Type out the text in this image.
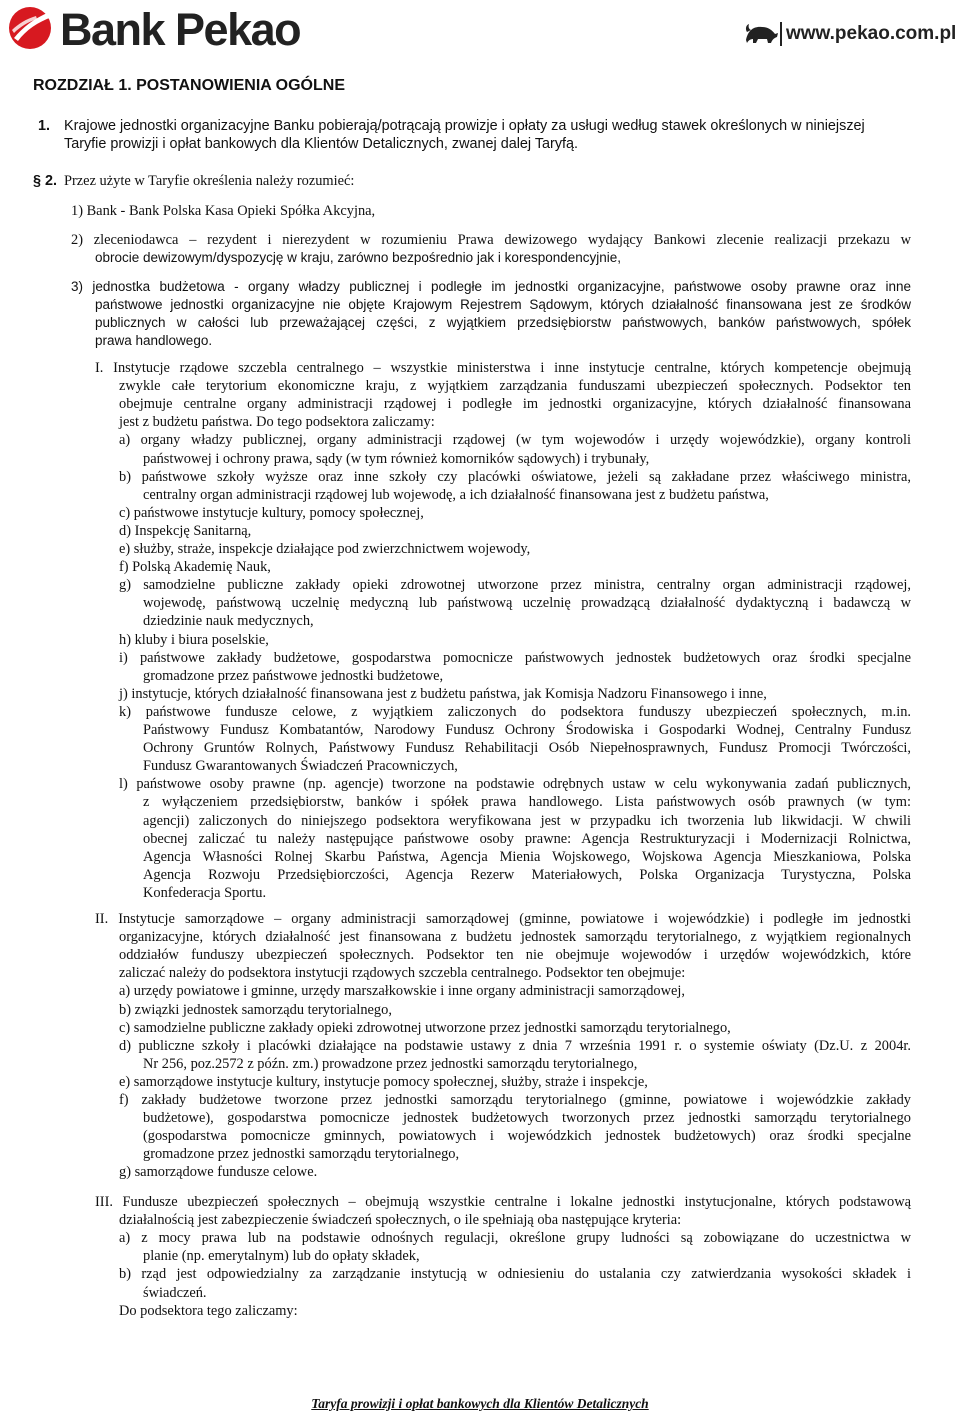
Bank Pekao	www.pekao.com.pl
ROZDZIAŁ 1. POSTANOWIENIA OGÓLNE
1. Krajowe jednostki organizacyjne Banku pobierają/potrącają prowizje i opłaty za usługi według stawek określonych w niniejszej
Taryfie prowizji i opłat bankowych dla Klientów Detalicznych, zwanej dalej Taryfą.
§ 2. Przez użyte w Taryfie określenia należy rozumieć:
1) Bank - Bank Polska Kasa Opieki Spółka Akcyjna,
2) zleceniodawca – rezydent i nierezydent w rozumieniu Prawa dewizowego wydający Bankowi zlecenie realizacji przekazu w
obrocie dewizowym/dyspozycję w kraju, zarówno bezpośrednio jak i korespondencyjnie,
3) jednostka budżetowa - organy władzy publicznej i podległe im jednostki organizacyjne, państwowe osoby prawne oraz inne
państwowe jednostki organizacyjne nie objęte Krajowym Rejestrem Sądowym, których działalność finansowana jest ze środków
publicznych w całości lub przeważającej części, z wyjątkiem przedsiębiorstw państwowych, banków państwowych, spółek
prawa handlowego.
I. Instytucje rządowe szczebla centralnego – wszystkie ministerstwa i inne instytucje centralne, których kompetencje obejmują
zwykle całe terytorium ekonomiczne kraju, z wyjątkiem zarządzania funduszami ubezpieczeń społecznych. Podsektor ten
obejmuje centralne organy administracji rządowej i podległe im jednostki organizacyjne, których działalność finansowana
jest z budżetu państwa. Do tego podsektora zaliczamy:
a) organy władzy publicznej, organy administracji rządowej (w tym wojewodów i urzędy wojewódzkie), organy kontroli
państwowej i ochrony prawa, sądy (w tym również komorników sądowych) i trybunały,
b) państwowe szkoły wyższe oraz inne szkoły czy placówki oświatowe, jeżeli są zakładane przez właściwego ministra,
centralny organ administracji rządowej lub wojewodę, a ich działalność finansowana jest z budżetu państwa,
c) państwowe instytucje kultury, pomocy społecznej,
d) Inspekcję Sanitarną,
e) służby, straże, inspekcje działające pod zwierzchnictwem wojewody,
f) Polską Akademię Nauk,
g) samodzielne publiczne zakłady opieki zdrowotnej utworzone przez ministra, centralny organ administracji rządowej,
wojewodę, państwową uczelnię medyczną lub państwową uczelnię prowadzącą działalność dydaktyczną i badawczą w
dziedzinie nauk medycznych,
h) kluby i biura poselskie,
i) państwowe zakłady budżetowe, gospodarstwa pomocnicze państwowych jednostek budżetowych oraz środki specjalne
gromadzone przez państwowe jednostki budżetowe,
j) instytucje, których działalność finansowana jest z budżetu państwa, jak Komisja Nadzoru Finansowego i inne,
k) państwowe fundusze celowe, z wyjątkiem zaliczonych do podsektora funduszy ubezpieczeń społecznych, m.in.
Państwowy Fundusz Kombatantów, Narodowy Fundusz Ochrony Środowiska i Gospodarki Wodnej, Centralny Fundusz
Ochrony Gruntów Rolnych, Państwowy Fundusz Rehabilitacji Osób Niepełnosprawnych, Fundusz Promocji Twórczości,
Fundusz Gwarantowanych Świadczeń Pracowniczych,
l) państwowe osoby prawne (np. agencje) tworzone na podstawie odrębnych ustaw w celu wykonywania zadań publicznych,
z wyłączeniem przedsiębiorstw, banków i spółek prawa handlowego. Lista państwowych osób prawnych (w tym:
agencji) zaliczonych do niniejszego podsektora weryfikowana jest w przypadku ich tworzenia lub likwidacji. W chwili
obecnej zaliczać tu należy następujące państwowe osoby prawne: Agencja Restrukturyzacji i Modernizacji Rolnictwa,
Agencja Własności Rolnej Skarbu Państwa, Agencja Mienia Wojskowego, Wojskowa Agencja Mieszkaniowa, Polska
Agencja Rozwoju Przedsiębiorczości, Agencja Rezerw Materiałowych, Polska Organizacja Turystyczna, Polska
Konfederacja Sportu.
II. Instytucje samorządowe – organy administracji samorządowej (gminne, powiatowe i wojewódzkie) i podległe im jednostki
organizacyjne, których działalność jest finansowana z budżetu jednostek samorządu terytorialnego, z wyjątkiem regionalnych
oddziałów funduszy ubezpieczeń społecznych. Podsektor ten nie obejmuje wojewodów i urzędów wojewódzkich, które
zaliczać należy do podsektora instytucji rządowych szczebla centralnego. Podsektor ten obejmuje:
a) urzędy powiatowe i gminne, urzędy marszałkowskie i inne organy administracji samorządowej,
b) związki jednostek samorządu terytorialnego,
c) samodzielne publiczne zakłady opieki zdrowotnej utworzone przez jednostki samorządu terytorialnego,
d) publiczne szkoły i placówki działające na podstawie ustawy z dnia 7 września 1991 r. o systemie oświaty (Dz.U. z 2004r.
Nr 256, poz.2572 z późn. zm.) prowadzone przez jednostki samorządu terytorialnego,
e) samorządowe instytucje kultury, instytucje pomocy społecznej, służby, straże i inspekcje,
f) zakłady budżetowe tworzone przez jednostki samorządu terytorialnego (gminne, powiatowe i wojewódzkie zakłady
budżetowe), gospodarstwa pomocnicze jednostek budżetowych tworzonych przez jednostki samorządu terytorialnego
(gospodarstwa pomocnicze gminnych, powiatowych i wojewódzkich jednostek budżetowych) oraz środki specjalne
gromadzone przez jednostki samorządu terytorialnego,
g) samorządowe fundusze celowe.
III. Fundusze ubezpieczeń społecznych – obejmują wszystkie centralne i lokalne jednostki instytucjonalne, których podstawową
działalnością jest zabezpieczenie świadczeń społecznych, o ile spełniają oba następujące kryteria:
a) z mocy prawa lub na podstawie odnośnych regulacji, określone grupy ludności są zobowiązane do uczestnictwa w
planie (np. emerytalnym) lub do opłaty składek,
b) rząd jest odpowiedzialny za zarządzanie instytucją w odniesieniu do ustalania czy zatwierdzania wysokości składek i
świadczeń.
Do podsektora tego zaliczamy:
Taryfa prowizji i opłat bankowych dla Klientów Detalicznych
